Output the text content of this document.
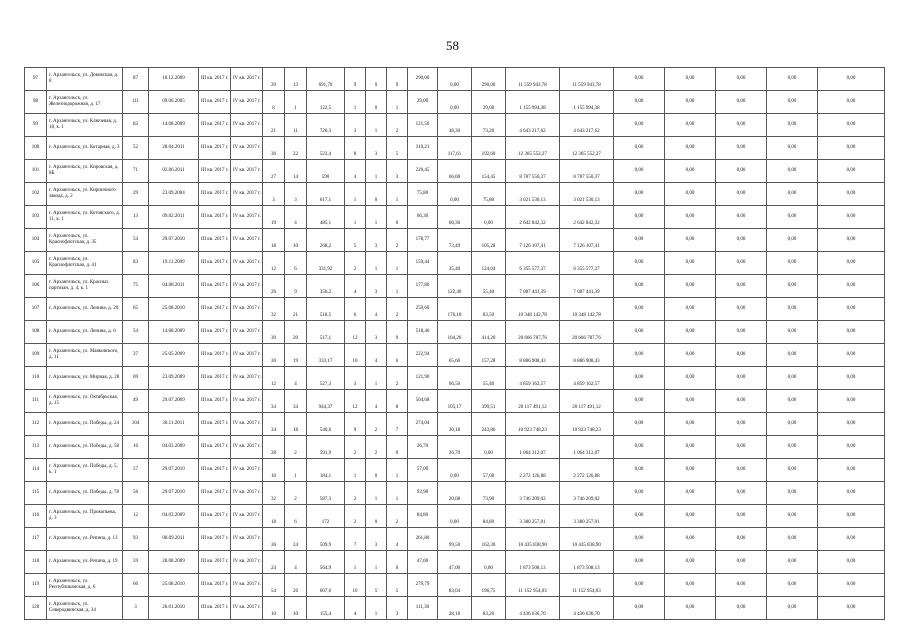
58
97	г. Архангельск, ул. Доковская, д. 8	87	10.12.2009	III кв. 2017 г.	IV кв. 2017 г.	20	13	691,70	9	0	9	290,00	0,00	290,00	11 559 943,78	11 559 943,78	0,00	0,00	0,00	0,00	0,00
98	г. Архангельск, ул. Железнодорожная, д. 17	111	09.06.2005	III кв. 2017 г.	IV кв. 2017 г.	8	1	122,5	1	0	1	29,00	0,00	29,00	1 155 994,38	1 155 994,38	0,00	0,00	0,00	0,00	0,00
99	г. Архангельск, ул. Ключевая, д. 18, к. 1	83	14.08.2009	III кв. 2017 г.	IV кв. 2017 г.	21	11	726,3	3	1	2	121,50	48,30	73,20	4 643 217,62	4 643 217,62	0,00	0,00	0,00	0,00	0,00
100	г. Архангельск, ул. Котарная, д. 3	52	28.04.2011	III кв. 2017 г.	IV кв. 2017 г.	36	22	523,4	8	3	5	310,21	117,61	192,60	12 365 552,27	12 365 552,27	0,00	0,00	0,00	0,00	0,00
101	г. Архангельск, ул. Кировская, д. 8Б	71	02.06.2011	III кв. 2017 г.	IV кв. 2017 г.	27	14	590	4	1	3	220,45	66,00	154,45	8 787 550,37	8 787 550,37	0,00	0,00	0,00	0,00	0,00
102	г. Архангельск, ул. Кирпичного завода, д. 2	29	23.09.2004	III кв. 2017 г.	IV кв. 2017 г.	3	3	617,1	1	0	1	75,80	0,00	75,80	3 021 530,13	3 021 530,13	0,00	0,00	0,00	0,00	0,00
103	г. Архангельск, ул. Котовского, д. 11, к. 1	13	09.02.2011	III кв. 2017 г.	IV кв. 2017 г.	19	4	485,1	1	1	0	66,30	66,30	0,00	2 642 842,32	2 642 842,32	0,00	0,00	0,00	0,00	0,00
104	г. Архангельск, ул. Краснофлотская, д. 35	54	29.07.2010	III кв. 2017 г.	IV кв. 2017 г.	18	10	268,2	5	3	2	178,77	73,49	105,28	7 126 107,41	7 126 107,41	0,00	0,00	0,00	0,00	0,00
105	г. Архангельск, ул. Краснофлотская, д. 41	83	19.11.2009	III кв. 2017 г.	IV кв. 2017 г.	12	6	331,92	2	1	1	159,44	35,40	124,04	6 355 577,37	6 355 577,37	0,00	0,00	0,00	0,00	0,00
106	г. Архангельск, ул. Красных партизан, д. 4, к. 1	75	04.08.2011	III кв. 2017 г.	IV кв. 2017 г.	26	9	356,2	4	3	1	177,80	122,40	55,40	7 087 441,39	7 087 441,39	0,00	0,00	0,00	0,00	0,00
107	г. Архангельск, ул. Ленина, д. 20	65	25.08.2010	III кв. 2017 г.	IV кв. 2017 г.	32	21	518,5	6	4	2	259,60	176,10	83,50	10 348 142,78	10 348 142,78	0,00	0,00	0,00	0,00	0,00
108	г. Архангельск, ул. Ленина, д. 6	54	14.08.2009	III кв. 2017 г.	IV кв. 2017 г.	30	20	517,1	12	3	9	518,46	104,26	414,20	20 666 787,76	20 666 787,76	0,00	0,00	0,00	0,00	0,00
109	г. Архангельск, ул. Маяковского, д. 11	37	25.05.2009	III кв. 2017 г.	IV кв. 2017 г.	30	19	333,17	10	4	6	222,94	65,66	157,28	8 886 908,43	8 886 908,43	0,00	0,00	0,00	0,00	0,00
110	г. Архангельск, ул. Мирная, д. 28	69	23.09.2009	III кв. 2017 г.	IV кв. 2017 г.	12	4	527,3	3	1	2	121,90	66,50	55,40	4 859 162,57	4 859 162,57	0,00	0,00	0,00	0,00	0,00
111	г. Архангельск, ул. Октябрьская, д. 15	49	29.07.2009	III кв. 2017 г.	IV кв. 2017 г.	34	34	944,37	12	4	8	504,68	105,17	399,51	20 117 491,12	20 117 491,12	0,00	0,00	0,00	0,00	0,00
112	г. Архангельск, ул. Победы, д. 24	104	30.11.2011	III кв. 2017 г.	IV кв. 2017 г.	34	18	540,6	9	2	7	274,04	30,18	243,86	10 923 748,23	10 923 748,23	0,00	0,00	0,00	0,00	0,00
113	г. Архангельск, ул. Победы, д. 58	16	04.03.2009	III кв. 2017 г.	IV кв. 2017 г.	28	2	591,9	2	2	0	26,70	26,70	0,00	1 064 312,07	1 064 312,07	0,00	0,00	0,00	0,00	0,00
114	г. Архангельск, ул. Победы, д. 5, к. 1	57	29.07.2010	III кв. 2017 г.	IV кв. 2017 г.	10	1	184,1	1	0	1	57,00	0,00	57,00	2 272 126,88	2 272 126,88	0,00	0,00	0,00	0,00	0,00
115	г. Архангельск, ул. Победы, д. 78	58	29.07.2010	III кв. 2017 г.	IV кв. 2017 г.	32	2	587,3	2	1	1	93,98	20,08	73,90	3 746 209,02	3 746 209,02	0,00	0,00	0,00	0,00	0,00
116	г. Архангельск, ул. Прокопьева, д. 3	12	04.03.2009	III кв. 2017 г.	IV кв. 2017 г.	18	6	172	2	0	2	84,80	0,00	84,80	3 380 257,01	3 380 257,01	0,00	0,00	0,00	0,00	0,00
117	г. Архангельск, ул. Репина, д. 13	93	08.09.2011	III кв. 2017 г.	IV кв. 2017 г.	36	24	509,9	7	3	4	261,80	99,50	162,30	10 435 838,90	10 435 838,90	0,00	0,00	0,00	0,00	0,00
118	г. Архангельск, ул. Репина, д. 19	59	28.08.2009	III кв. 2017 г.	IV кв. 2017 г.	24	4	564,9	1	1	0	47,00	47,00	0,00	1 873 508,13	1 873 508,13	0,00	0,00	0,00	0,00	0,00
119	г. Архангельск, ул. Республиканская, д. 6	66	25.08.2010	III кв. 2017 г.	IV кв. 2017 г.	54	26	607,6	10	5	5	279,79	83,04	196,75	11 152 954,03	11 152 954,03	0,00	0,00	0,00	0,00	0,00
120	г. Архангельск, ул. Северодвинская, д. 34	3	26.01.2010	III кв. 2017 г.	IV кв. 2017 г.	10	10	155,4	4	1	3	111,30	28,10	83,20	4 436 636,70	4 436 636,70	0,00	0,00	0,00	0,00	0,00
